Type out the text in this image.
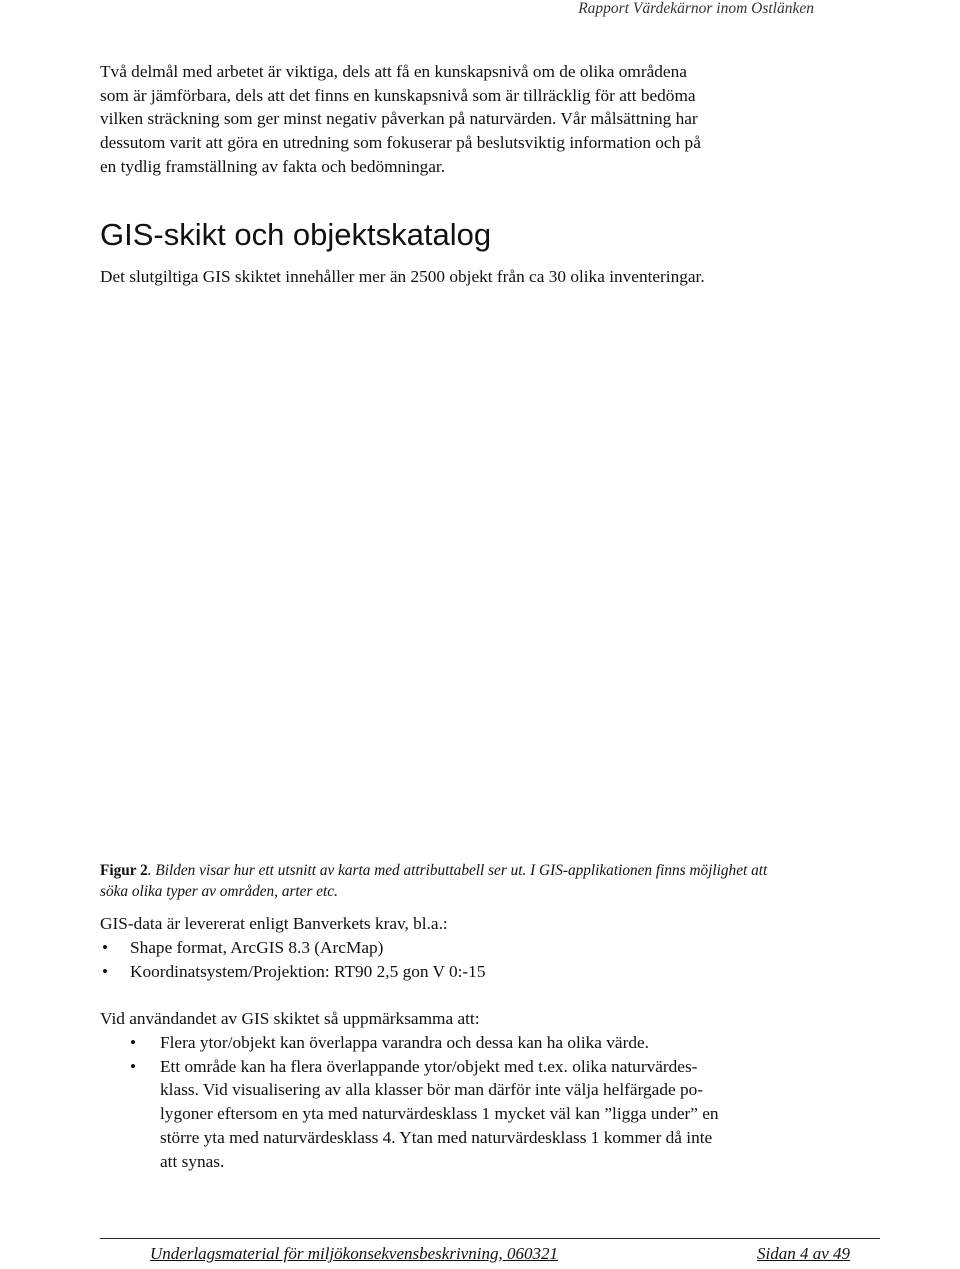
Rapport Värdekärnor inom Ostlänken
Två delmål med arbetet är viktiga, dels att få en kunskapsnivå om de olika områdena
som är jämförbara, dels att det finns en kunskapsnivå som är tillräcklig för att bedöma
vilken sträckning som ger minst negativ påverkan på naturvärden. Vår målsättning har
dessutom varit att göra en utredning som fokuserar på beslutsviktig information och på
en tydlig framställning av fakta och bedömningar.
GIS-skikt och objektskatalog
Det slutgiltiga GIS skiktet innehåller mer än 2500 objekt från ca 30 olika inventeringar.
Figur 2. Bilden visar hur ett utsnitt av karta med attributtabell ser ut. I GIS-applikationen finns möjlighet att
söka olika typer av områden, arter etc.
GIS-data är levererat enligt Banverkets krav, bl.a.:
• Shape format, ArcGIS 8.3 (ArcMap)
• Koordinatsystem/Projektion: RT90 2,5 gon V 0:-15
Vid användandet av GIS skiktet så uppmärksamma att:
• Flera ytor/objekt kan överlappa varandra och dessa kan ha olika värde.
• Ett område kan ha flera överlappande ytor/objekt med t.ex. olika naturvärdes-
klass. Vid visualisering av alla klasser bör man därför inte välja helfärgade po-
lygoner eftersom en yta med naturvärdesklass 1 mycket väl kan ”ligga under” en
större yta med naturvärdesklass 4. Ytan med naturvärdesklass 1 kommer då inte
att synas.
Underlagsmaterial för miljökonsekvensbeskrivning, 060321	Sidan 4 av 49
